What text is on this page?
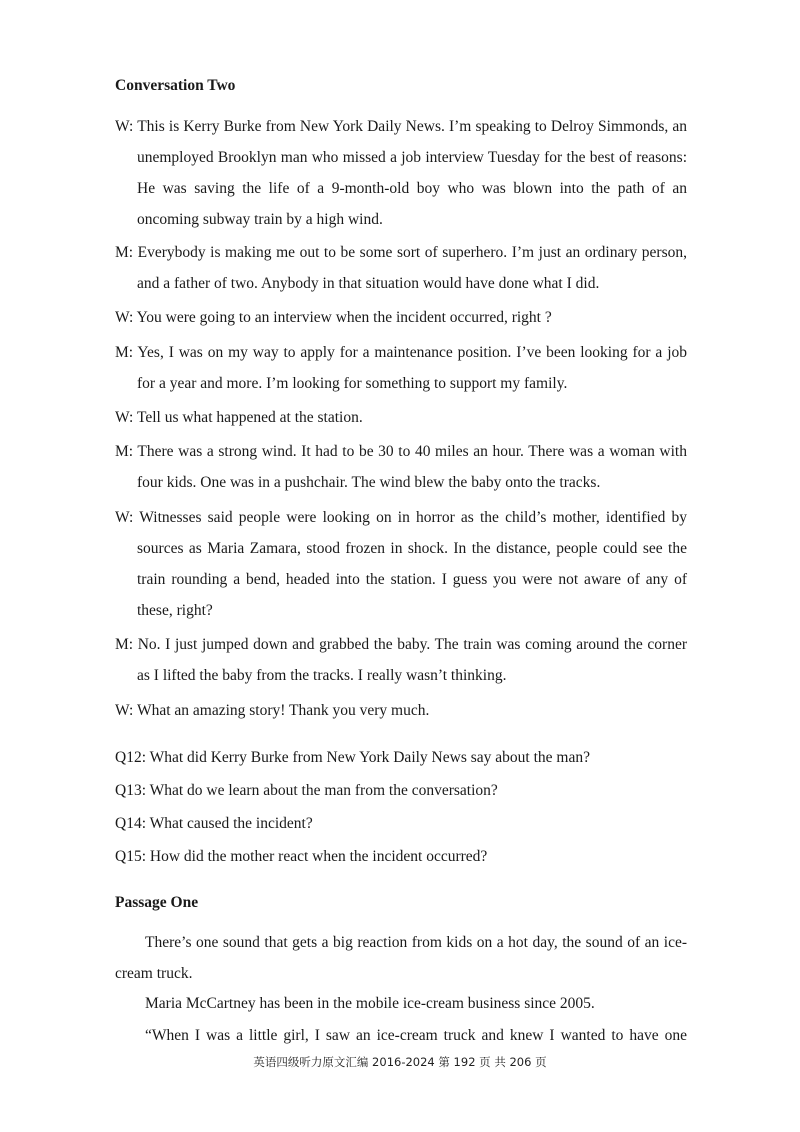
Conversation Two
W: This is Kerry Burke from New York Daily News. I’m speaking to Delroy Simmonds, an unemployed Brooklyn man who missed a job interview Tuesday for the best of reasons: He was saving the life of a 9-month-old boy who was blown into the path of an oncoming subway train by a high wind.
M: Everybody is making me out to be some sort of superhero. I’m just an ordinary person, and a father of two. Anybody in that situation would have done what I did.
W: You were going to an interview when the incident occurred, right ?
M: Yes, I was on my way to apply for a maintenance position. I’ve been looking for a job for a year and more. I’m looking for something to support my family.
W: Tell us what happened at the station.
M: There was a strong wind. It had to be 30 to 40 miles an hour. There was a woman with four kids. One was in a pushchair. The wind blew the baby onto the tracks.
W: Witnesses said people were looking on in horror as the child’s mother, identified by sources as Maria Zamara, stood frozen in shock. In the distance, people could see the train rounding a bend, headed into the station. I guess you were not aware of any of these, right?
M: No. I just jumped down and grabbed the baby. The train was coming around the corner as I lifted the baby from the tracks. I really wasn’t thinking.
W: What an amazing story! Thank you very much.
Q12: What did Kerry Burke from New York Daily News say about the man?
Q13: What do we learn about the man from the conversation?
Q14: What caused the incident?
Q15: How did the mother react when the incident occurred?
Passage One
There’s one sound that gets a big reaction from kids on a hot day, the sound of an ice-cream truck.
Maria McCartney has been in the mobile ice-cream business since 2005.
“When I was a little girl, I saw an ice-cream truck and knew I wanted to have one
英语四级听力原文汇编 2016-2024 第 192 页 共 206 页
